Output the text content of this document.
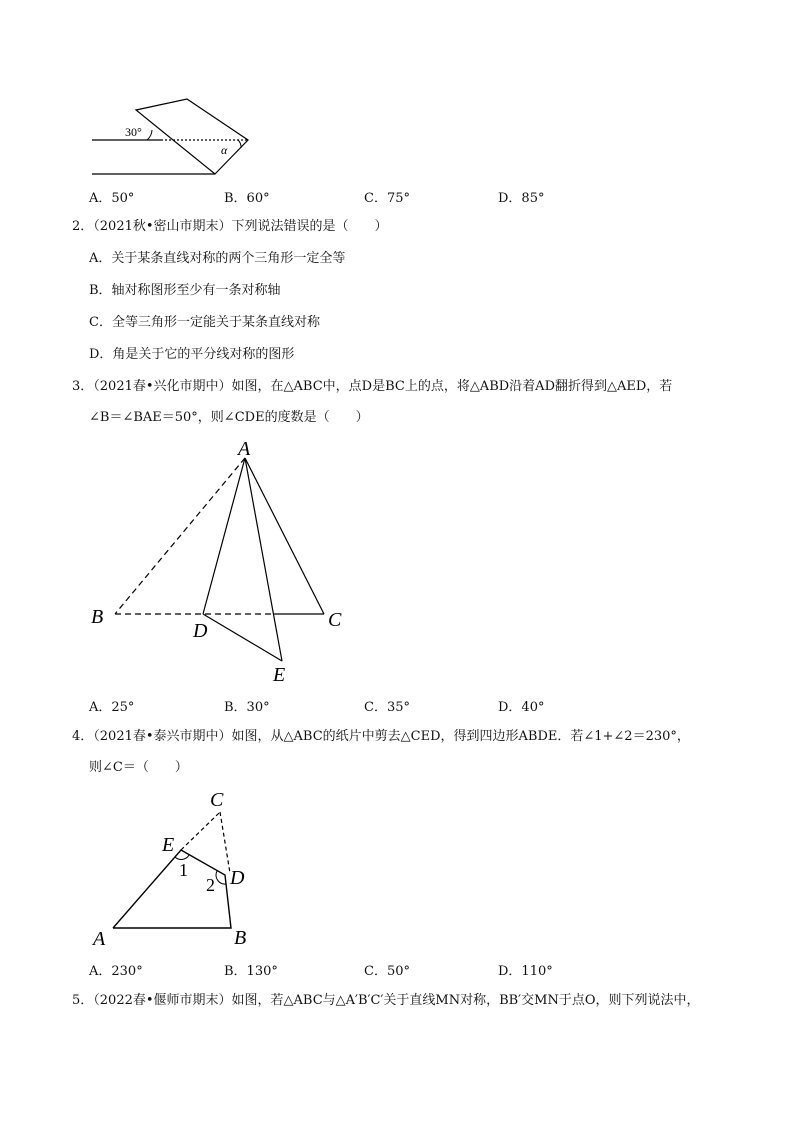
30°
α
A．50°	B．60°	C．75°	D．85°
2．（2021秋•密山市期末）下列说法错误的是（　　）
A．关于某条直线对称的两个三角形一定全等
B．轴对称图形至少有一条对称轴
C．全等三角形一定能关于某条直线对称
D．角是关于它的平分线对称的图形
3．（2021春•兴化市期中）如图，在△ABC中，点D是BC上的点，将△ABD沿着AD翻折得到△AED，若
∠B＝∠BAE＝50°，则∠CDE的度数是（　　）
A
B	C
D
E
A．25°	B．30°	C．35°	D．40°
4．（2021春•泰兴市期中）如图，从△ABC的纸片中剪去△CED，得到四边形ABDE．若∠1+∠2＝230°，
则∠C＝（　　）
C
E
D
A	B
1
2
A．230°	B．130°	C．50°	D．110°
5．（2022春•偃师市期末）如图，若△ABC与△A′B′C′关于直线MN对称，BB′交MN于点O，则下列说法中，
